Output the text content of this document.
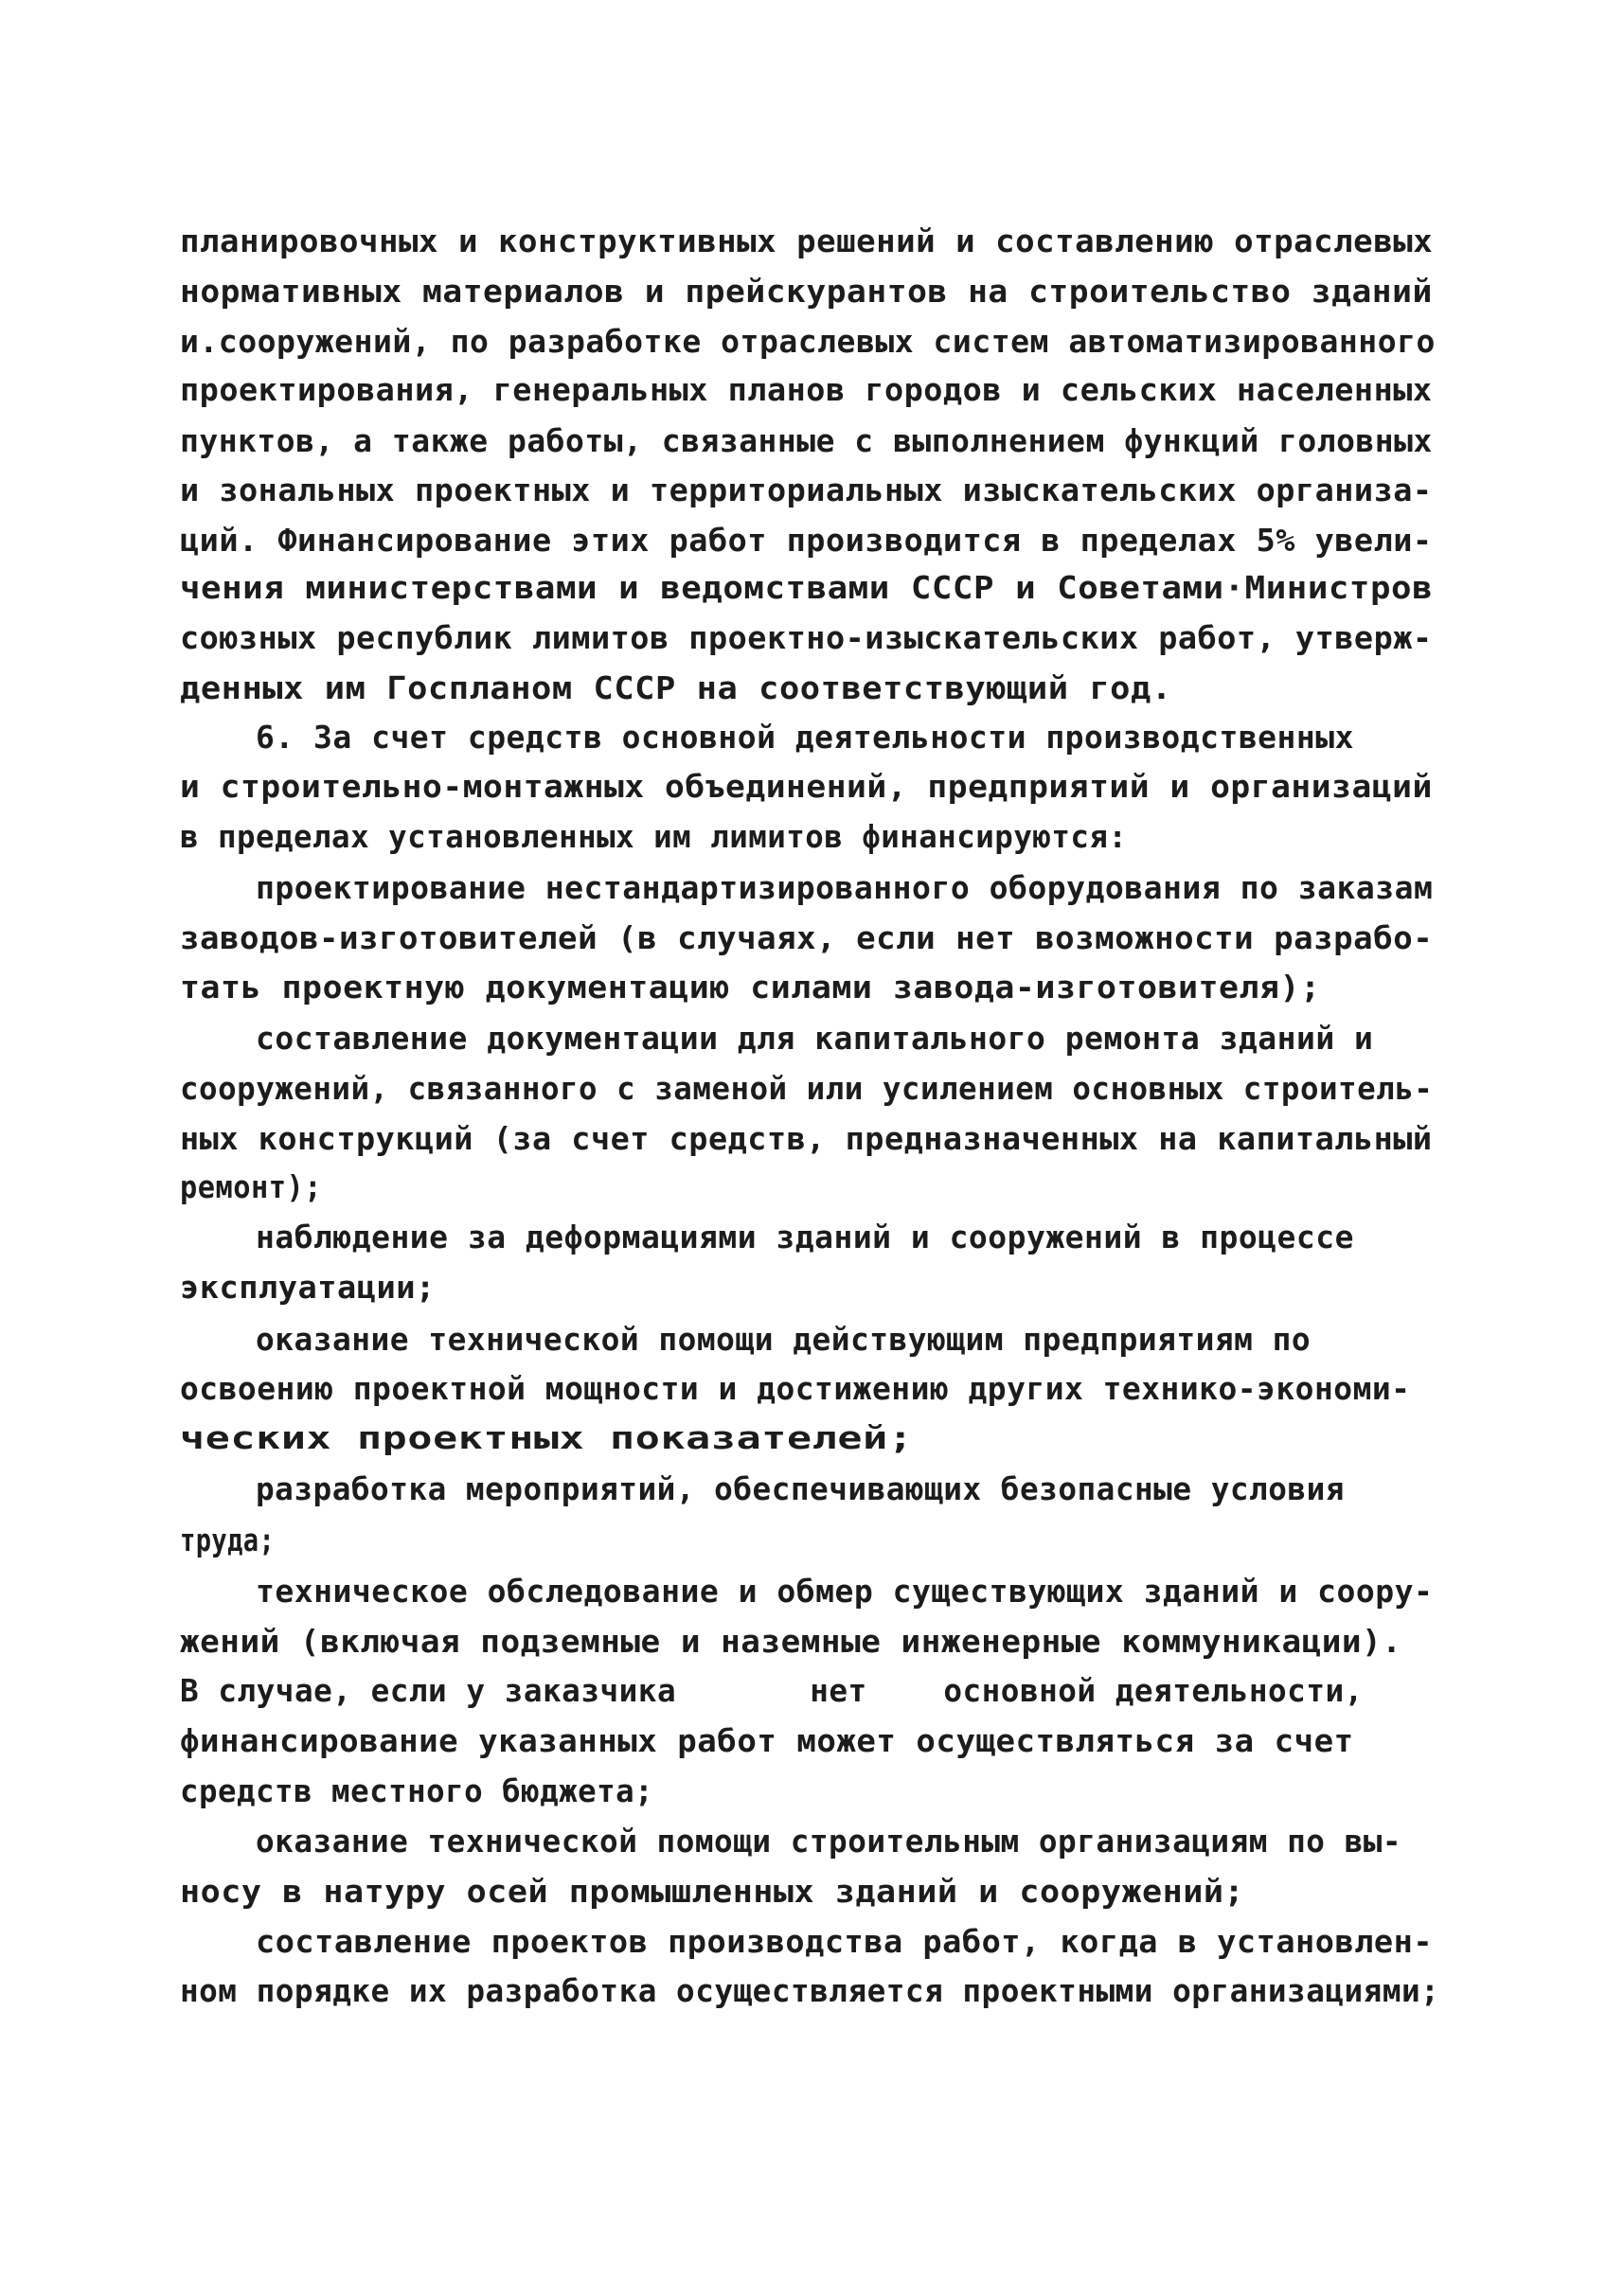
планировочных и конструктивных решений и составлению отраслевых
нормативных материалов и прейскурантов на строительство зданий
и.сооружений, по разработке отраслевых систем автоматизированного
проектирования, генеральных планов городов и сельских населенных
пунктов, а также работы, связанные с выполнением функций головных
и зональных проектных и территориальных изыскательских организа-
ций. Финансирование этих работ производится в пределах 5% увели-
чения министерствами и ведомствами СССР и Советами·Министров
союзных республик лимитов проектно-изыскательских работ, утверж-
денных им Госпланом СССР на соответствующий год.
6. За счет средств основной деятельности производственных
и строительно-монтажных объединений, предприятий и организаций
в пределах установленных им лимитов финансируются:
проектирование нестандартизированного оборудования по заказам
заводов-изготовителей (в случаях, если нет возможности разрабо-
тать проектную документацию силами завода-изготовителя);
составление документации для капитального ремонта зданий и
сооружений, связанного с заменой или усилением основных строитель-
ных конструкций (за счет средств, предназначенных на капитальный
ремонт);
наблюдение за деформациями зданий и сооружений в процессе
эксплуатации;
оказание технической помощи действующим предприятиям по
освоению проектной мощности и достижению других технико-экономи-
ческих проектных показателей;
разработка мероприятий, обеспечивающих безопасные условия
труда;
техническое обследование и обмер существующих зданий и соору-
жений (включая подземные и наземные инженерные коммуникации).
В случае, если у заказчика       нет    основной деятельности,
финансирование указанных работ может осуществляться за счет
средств местного бюджета;
оказание технической помощи строительным организациям по вы-
носу в натуру осей промышленных зданий и сооружений;
составление проектов производства работ, когда в установлен-
ном порядке их разработка осуществляется проектными организациями;
